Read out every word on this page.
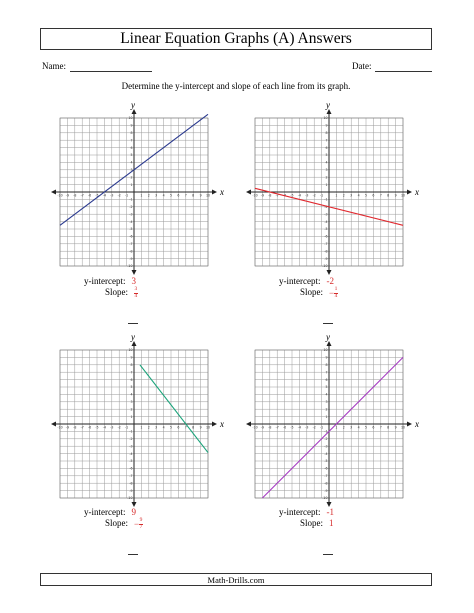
Linear Equation Graphs (A) Answers
Name:	Date:
Determine the y-intercept and slope of each line from its graph.
x
y
-10
-10
-9
-9
-8
-8
-7
-7
-6
-6
-5
-5
-4
-4
-3
-3
-2
-2
-1
-1
1
1
2
2
3
3
4
4
5
5
6
6
7
7
8
8
9
9
10
10
x
y
-10
-10
-9
-9
-8
-8
-7
-7
-6
-6
-5
-5
-4
-4
-3
-3
-2
-2
-1
-1
1
1
2
2
3
3
4
4
5
5
6
6
7
7
8
8
9
9
10
10
x
y
-10
-10
-9
-9
-8
-8
-7
-7
-6
-6
-5
-5
-4
-4
-3
-3
-2
-2
-1
-1
1
1
2
2
3
3
4
4
5
5
6
6
7
7
8
8
9
9
10
10
x
y
-10
-10
-9
-9
-8
-8
-7
-7
-6
-6
-5
-5
-4
-4
-3
-3
-2
-2
-1
-1
1
1
2
2
3
3
4
4
5
5
6
6
7
7
8
8
9
9
10
10
y-intercept: 3
Slope: $\frac{3}{4}$
y-intercept: -2
Slope: − $\frac{1}{4}$
y-intercept: 9
Slope: − $\frac{9}{7}$
y-intercept: -1
Slope: 1
Math-Drills.com
